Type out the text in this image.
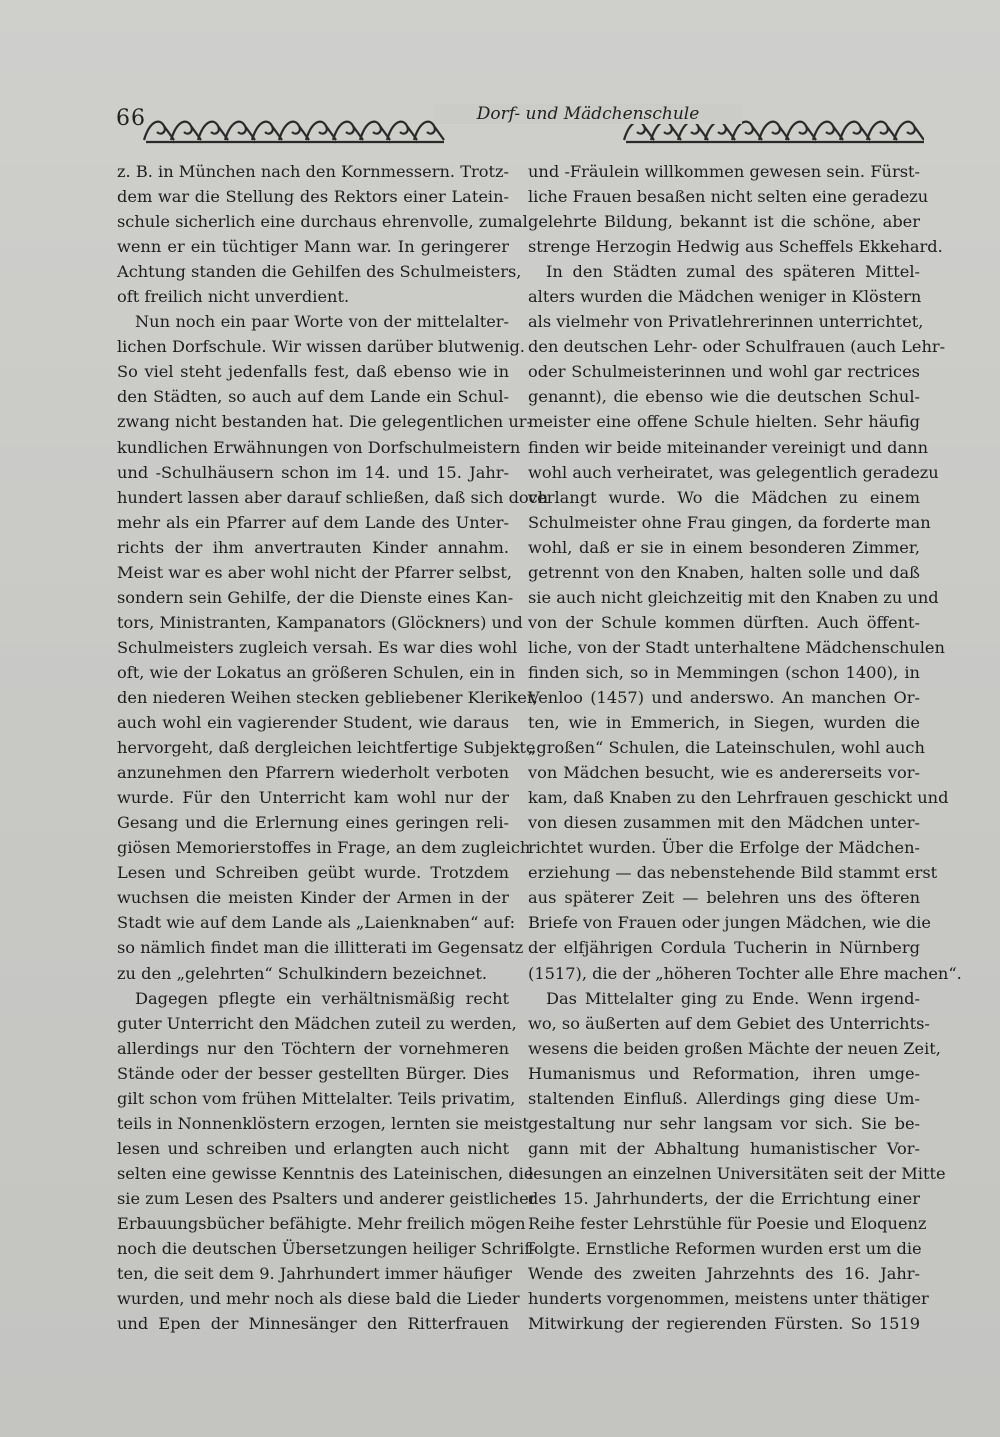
66	Dorf- und Mädchenschule

z. B. in München nach den Kornmessern. Trotz-

dem war die Stellung des Rektors einer Latein-

schule sicherlich eine durchaus ehrenvolle, zumal

wenn er ein tüchtiger Mann war. In geringerer

Achtung standen die Gehilfen des Schulmeisters,

oft freilich nicht unverdient.

Nun noch ein paar Worte von der mittelalter-

lichen Dorfschule. Wir wissen darüber blutwenig.

So viel steht jedenfalls fest, daß ebenso wie in

den Städten, so auch auf dem Lande ein Schul-

zwang nicht bestanden hat. Die gelegentlichen ur-

kundlichen Erwähnungen von Dorfschulmeistern

und -Schulhäusern schon im 14. und 15. Jahr-

hundert lassen aber darauf schließen, daß sich doch

mehr als ein Pfarrer auf dem Lande des Unter-

richts der ihm anvertrauten Kinder annahm.

Meist war es aber wohl nicht der Pfarrer selbst,

sondern sein Gehilfe, der die Dienste eines Kan-

tors, Ministranten, Kampanators (Glöckners) und

Schulmeisters zugleich versah. Es war dies wohl

oft, wie der Lokatus an größeren Schulen, ein in

den niederen Weihen stecken gebliebener Kleriker,

auch wohl ein vagierender Student, wie daraus

hervorgeht, daß dergleichen leichtfertige Subjekte

anzunehmen den Pfarrern wiederholt verboten

wurde. Für den Unterricht kam wohl nur der

Gesang und die Erlernung eines geringen reli-

giösen Memorierstoffes in Frage, an dem zugleich

Lesen und Schreiben geübt wurde. Trotzdem

wuchsen die meisten Kinder der Armen in der

Stadt wie auf dem Lande als „Laienknaben“ auf:

so nämlich findet man die illitterati im Gegensatz

zu den „gelehrten“ Schulkindern bezeichnet.

Dagegen pflegte ein verhältnismäßig recht

guter Unterricht den Mädchen zuteil zu werden,

allerdings nur den Töchtern der vornehmeren

Stände oder der besser gestellten Bürger. Dies

gilt schon vom frühen Mittelalter. Teils privatim,

teils in Nonnenklöstern erzogen, lernten sie meist

lesen und schreiben und erlangten auch nicht

selten eine gewisse Kenntnis des Lateinischen, die

sie zum Lesen des Psalters und anderer geistlicher

Erbauungsbücher befähigte. Mehr freilich mögen

noch die deutschen Übersetzungen heiliger Schrif-

ten, die seit dem 9. Jahrhundert immer häufiger

wurden, und mehr noch als diese bald die Lieder

und Epen der Minnesänger den Ritterfrauen

und -Fräulein willkommen gewesen sein. Fürst-

liche Frauen besaßen nicht selten eine geradezu

gelehrte Bildung, bekannt ist die schöne, aber

strenge Herzogin Hedwig aus Scheffels Ekkehard.

In den Städten zumal des späteren Mittel-

alters wurden die Mädchen weniger in Klöstern

als vielmehr von Privatlehrerinnen unterrichtet,

den deutschen Lehr- oder Schulfrauen (auch Lehr-

oder Schulmeisterinnen und wohl gar rectrices

genannt), die ebenso wie die deutschen Schul-

meister eine offene Schule hielten. Sehr häufig

finden wir beide miteinander vereinigt und dann

wohl auch verheiratet, was gelegentlich geradezu

verlangt wurde. Wo die Mädchen zu einem

Schulmeister ohne Frau gingen, da forderte man

wohl, daß er sie in einem besonderen Zimmer,

getrennt von den Knaben, halten solle und daß

sie auch nicht gleichzeitig mit den Knaben zu und

von der Schule kommen dürften. Auch öffent-

liche, von der Stadt unterhaltene Mädchenschulen

finden sich, so in Memmingen (schon 1400), in

Venloo (1457) und anderswo. An manchen Or-

ten, wie in Emmerich, in Siegen, wurden die

„großen“ Schulen, die Lateinschulen, wohl auch

von Mädchen besucht, wie es andererseits vor-

kam, daß Knaben zu den Lehrfrauen geschickt und

von diesen zusammen mit den Mädchen unter-

richtet wurden. Über die Erfolge der Mädchen-

erziehung — das nebenstehende Bild stammt erst

aus späterer Zeit — belehren uns des öfteren

Briefe von Frauen oder jungen Mädchen, wie die

der elfjährigen Cordula Tucherin in Nürnberg

(1517), die der „höheren Tochter alle Ehre machen“.

Das Mittelalter ging zu Ende. Wenn irgend-

wo, so äußerten auf dem Gebiet des Unterrichts-

wesens die beiden großen Mächte der neuen Zeit,

Humanismus und Reformation, ihren umge-

staltenden Einfluß. Allerdings ging diese Um-

gestaltung nur sehr langsam vor sich. Sie be-

gann mit der Abhaltung humanistischer Vor-

lesungen an einzelnen Universitäten seit der Mitte

des 15. Jahrhunderts, der die Errichtung einer

Reihe fester Lehrstühle für Poesie und Eloquenz

folgte. Ernstliche Reformen wurden erst um die

Wende des zweiten Jahrzehnts des 16. Jahr-

hunderts vorgenommen, meistens unter thätiger

Mitwirkung der regierenden Fürsten. So 1519
